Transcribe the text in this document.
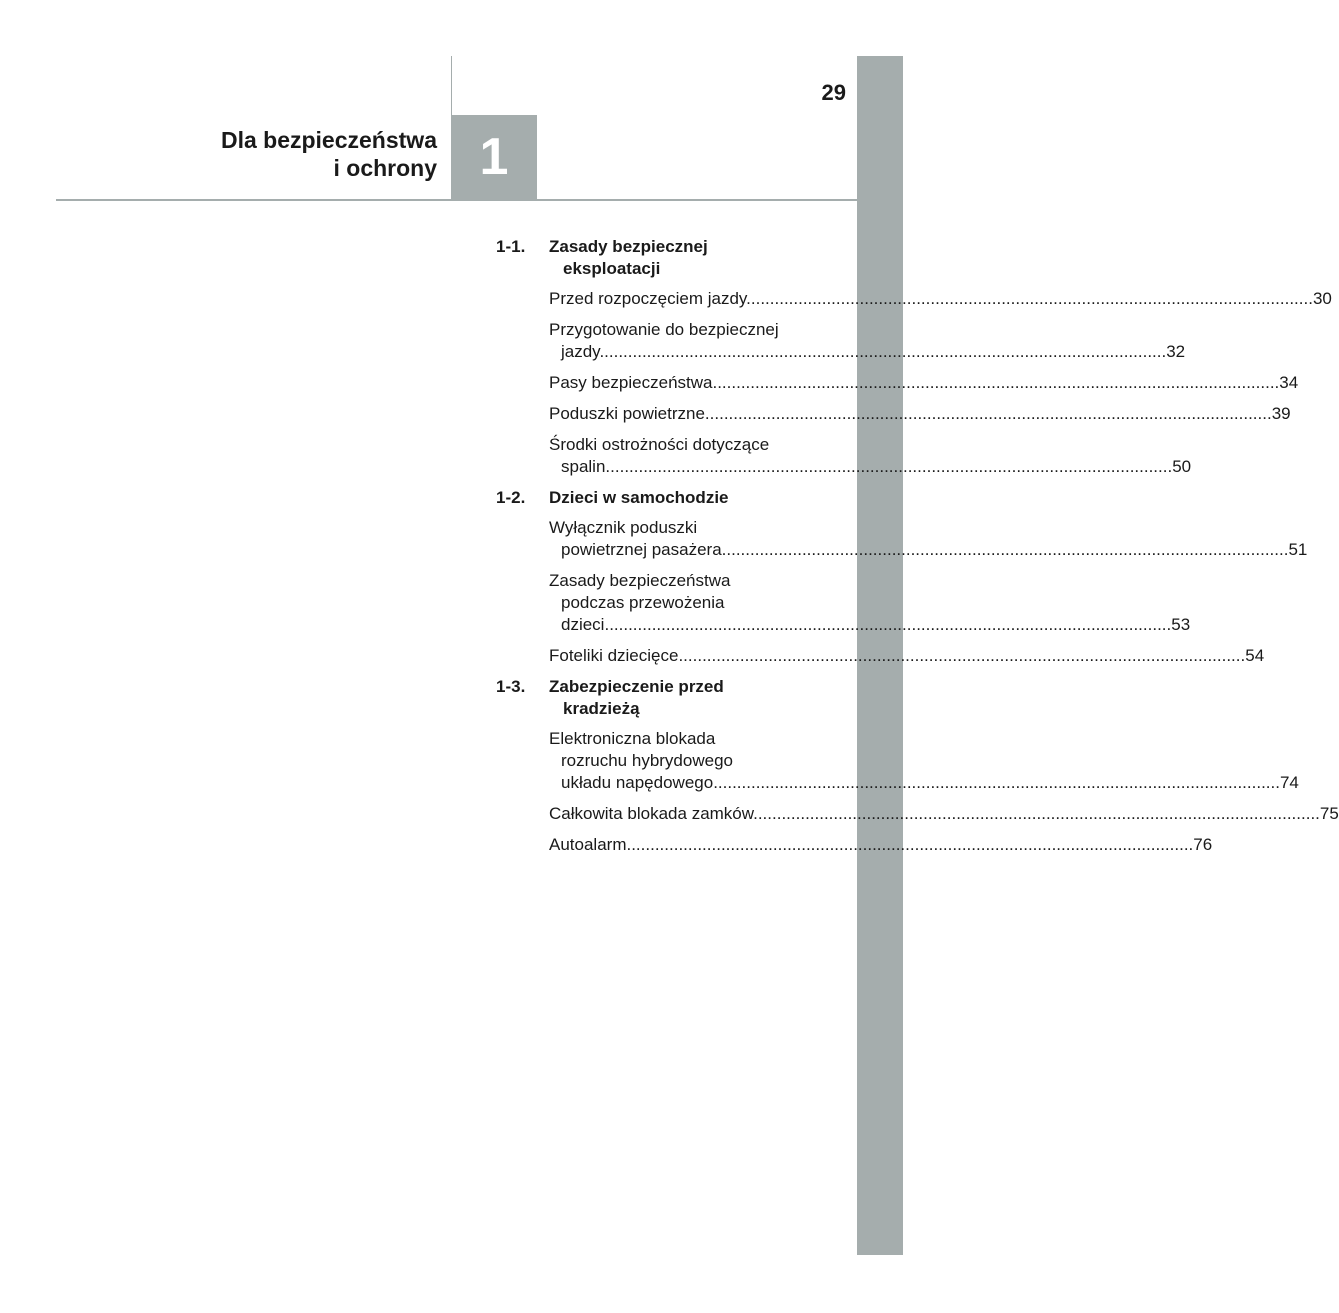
1
29
Dla bezpieczeństwa
i ochrony
1-1.	Zasady bezpiecznej
eksploatacji
Przed rozpoczęciem jazdy .....	30
Przygotowanie do bezpiecznej
jazdy .....	32
Pasy bezpieczeństwa .....	34
Poduszki powietrzne .....	39
Środki ostrożności dotyczące
spalin .....	50
1-2.	Dzieci w samochodzie
Wyłącznik poduszki
powietrznej pasażera .....	51
Zasady bezpieczeństwa
podczas przewożenia
dzieci .....	53
Foteliki dziecięce .....	54
1-3.	Zabezpieczenie przed
kradzieżą
Elektroniczna blokada
rozruchu hybrydowego
układu napędowego .....	74
Całkowita blokada zamków .....	75
Autoalarm .....	76
